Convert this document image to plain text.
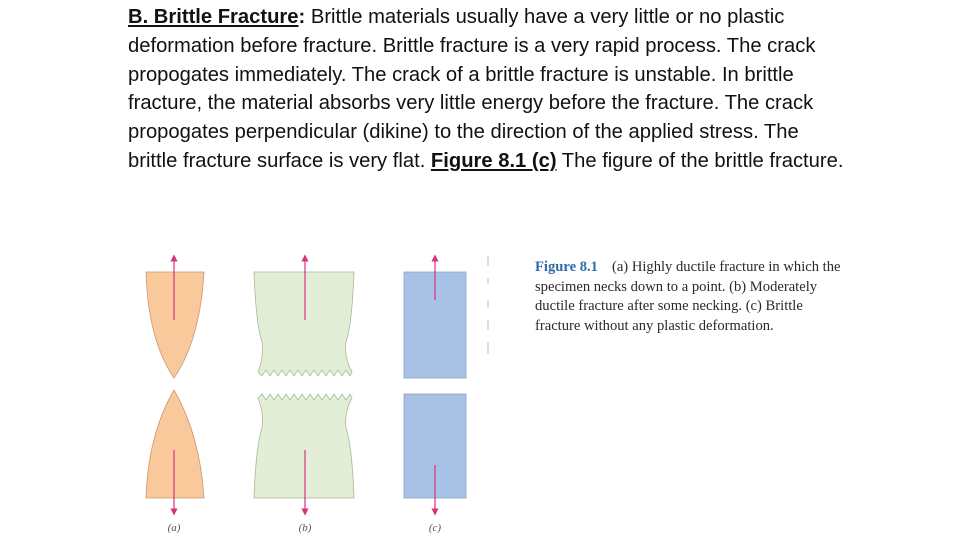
B. Brittle Fracture: Brittle materials usually have a very little or no plastic deformation before fracture. Brittle fracture is a very rapid process. The crack propogates immediately. The crack of a brittle fracture is unstable. In brittle fracture, the material absorbs very little energy before the fracture. The crack propogates perpendicular (dikine) to the direction of the applied stress. The brittle fracture surface is very flat. Figure 8.1 (c) The figure of the brittle fracture.

(a)	(b)	(c)
Figure 8.1 (a) Highly ductile fracture in which the specimen necks down to a point. (b) Moderately ductile fracture after some necking. (c) Brittle fracture without any plastic deformation.
